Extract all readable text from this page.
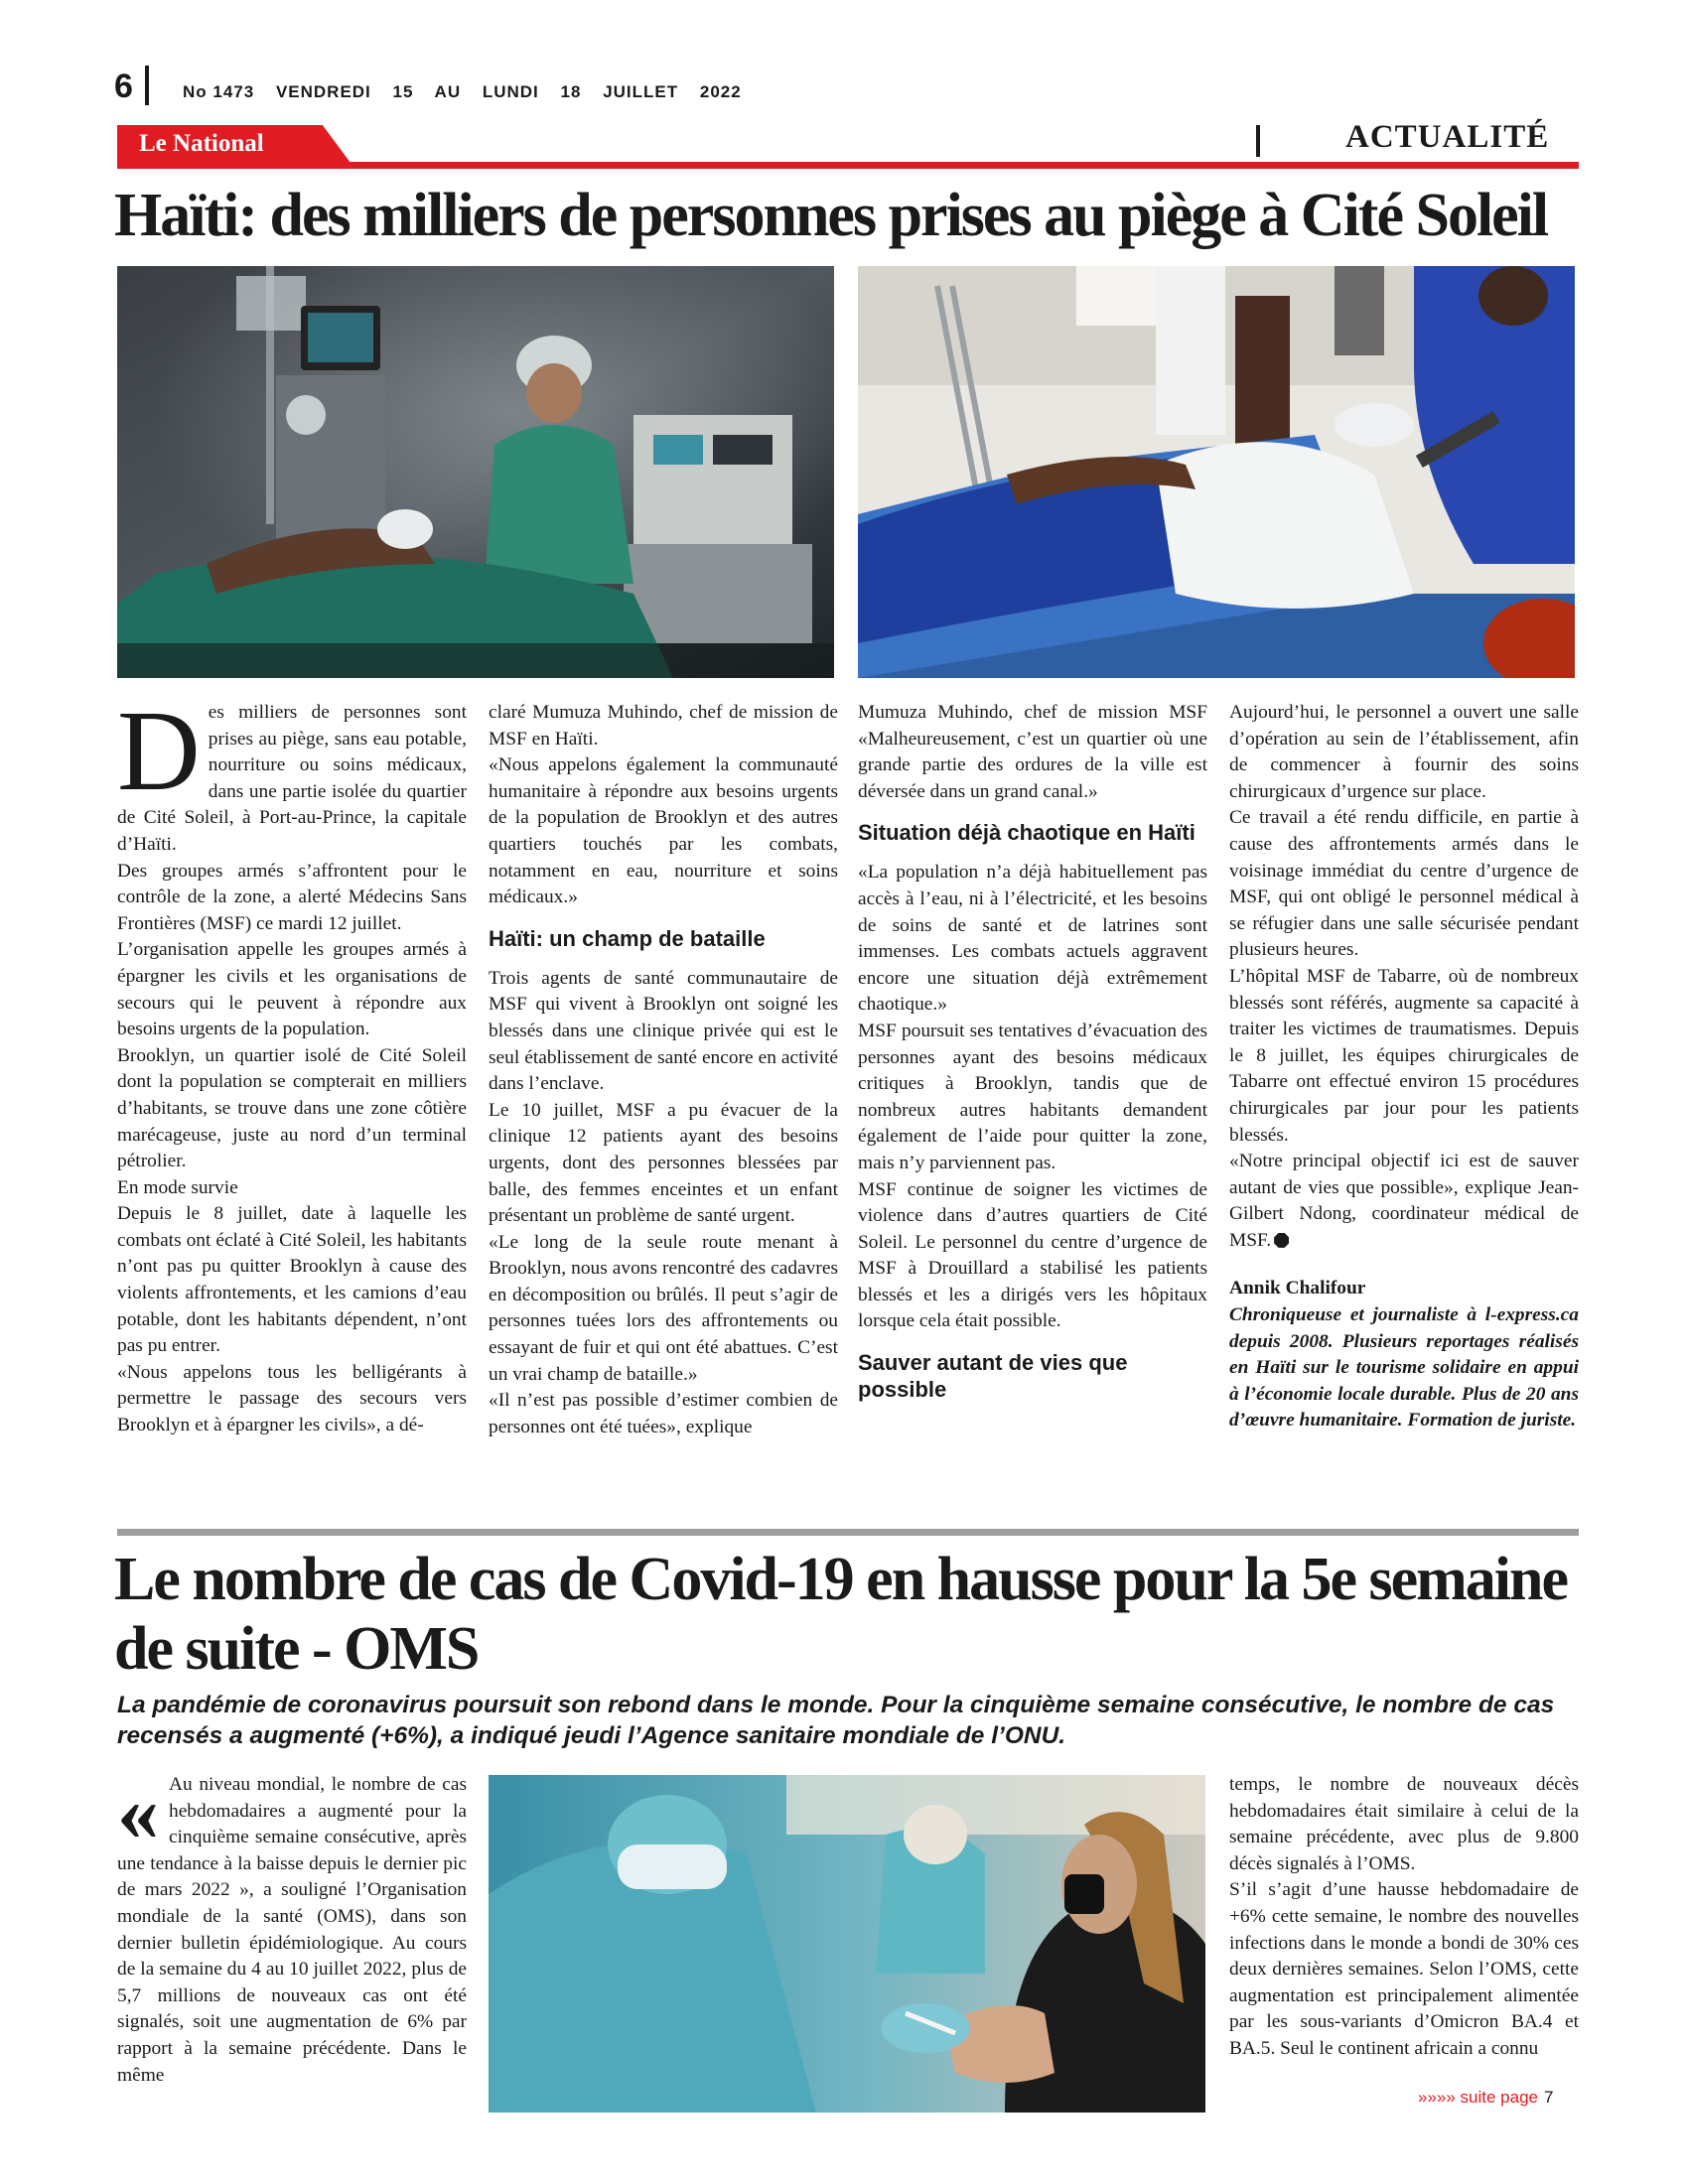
6	No 1473 VENDREDI 15 AU LUNDI 18 JUILLET 2022
Le National	ACTUALITÉ
Haïti: des milliers de personnes prises au piège à Cité Soleil

Des milliers de personnes sont prises au piège, sans eau potable, nourriture ou soins médicaux, dans une partie isolée du quartier de Cité Soleil, à Port-au-Prince, la capitale d’Haïti.

Des groupes armés s’affrontent pour le contrôle de la zone, a alerté Médecins Sans Frontières (MSF) ce mardi 12 juillet.

L’organisation appelle les groupes armés à épargner les civils et les organisations de secours qui le peuvent à répondre aux besoins urgents de la population.

Brooklyn, un quartier isolé de Cité Soleil dont la population se compterait en milliers d’habitants, se trouve dans une zone côtière marécageuse, juste au nord d’un terminal pétrolier.

En mode survie

Depuis le 8 juillet, date à laquelle les combats ont éclaté à Cité Soleil, les habitants n’ont pas pu quitter Brooklyn à cause des violents affrontements, et les camions d’eau potable, dont les habitants dépendent, n’ont pas pu entrer.

«Nous appelons tous les belligérants à permettre le passage des secours vers Brooklyn et à épargner les civils», a dé-

claré Mumuza Muhindo, chef de mission de MSF en Haïti.

«Nous appelons également la communauté humanitaire à répondre aux besoins urgents de la population de Brooklyn et des autres quartiers touchés par les combats, notamment en eau, nourriture et soins médicaux.»

Haïti: un champ de bataille

Trois agents de santé communautaire de MSF qui vivent à Brooklyn ont soigné les blessés dans une clinique privée qui est le seul établissement de santé encore en activité dans l’enclave.

Le 10 juillet, MSF a pu évacuer de la clinique 12 patients ayant des besoins urgents, dont des personnes blessées par balle, des femmes enceintes et un enfant présentant un problème de santé urgent.

«Le long de la seule route menant à Brooklyn, nous avons rencontré des cadavres en décomposition ou brûlés. Il peut s’agir de personnes tuées lors des affrontements ou essayant de fuir et qui ont été abattues. C’est un vrai champ de bataille.»

«Il n’est pas possible d’estimer combien de personnes ont été tuées», explique

Mumuza Muhindo, chef de mission MSF «Malheureusement, c’est un quartier où une grande partie des ordures de la ville est déversée dans un grand canal.»

Situation déjà chaotique en Haïti

«La population n’a déjà habituellement pas accès à l’eau, ni à l’électricité, et les besoins de soins de santé et de latrines sont immenses. Les combats actuels aggravent encore une situation déjà extrêmement chaotique.»

MSF poursuit ses tentatives d’évacuation des personnes ayant des besoins médicaux critiques à Brooklyn, tandis que de nombreux autres habitants demandent également de l’aide pour quitter la zone, mais n’y parviennent pas.

MSF continue de soigner les victimes de violence dans d’autres quartiers de Cité Soleil. Le personnel du centre d’urgence de MSF à Drouillard a stabilisé les patients blessés et les a dirigés vers les hôpitaux lorsque cela était possible.

Sauver autant de vies que possible

Aujourd’hui, le personnel a ouvert une salle d’opération au sein de l’établissement, afin de commencer à fournir des soins chirurgicaux d’urgence sur place.

Ce travail a été rendu difficile, en partie à cause des affrontements armés dans le voisinage immédiat du centre d’urgence de MSF, qui ont obligé le personnel médical à se réfugier dans une salle sécurisée pendant plusieurs heures.

L’hôpital MSF de Tabarre, où de nombreux blessés sont référés, augmente sa capacité à traiter les victimes de traumatismes. Depuis le 8 juillet, les équipes chirurgicales de Tabarre ont effectué environ 15 procédures chirurgicales par jour pour les patients blessés.

«Notre principal objectif ici est de sauver autant de vies que possible», explique Jean-Gilbert Ndong, coordinateur médical de MSF.

Annik Chalifour

Chroniqueuse et journaliste à l-express.ca depuis 2008. Plusieurs reportages réalisés en Haïti sur le tourisme solidaire en appui à l’économie locale durable. Plus de 20 ans d’œuvre humanitaire. Formation de juriste.

Le nombre de cas de Covid-19 en hausse pour la 5e semaine de suite - OMS
La pandémie de coronavirus poursuit son rebond dans le monde. Pour la cinquième semaine consécutive, le nombre de cas recensés a augmenté (+6%), a indiqué jeudi l’Agence sanitaire mondiale de l’ONU.

« Au niveau mondial, le nombre de cas hebdomadaires a augmenté pour la cinquième semaine consécutive, après une tendance à la baisse depuis le dernier pic de mars 2022 », a souligné l’Organisation mondiale de la santé (OMS), dans son dernier bulletin épidémiologique. Au cours de la semaine du 4 au 10 juillet 2022, plus de 5,7 millions de nouveaux cas ont été signalés, soit une augmentation de 6% par rapport à la semaine précédente. Dans le même

temps, le nombre de nouveaux décès hebdomadaires était similaire à celui de la semaine précédente, avec plus de 9.800 décès signalés à l’OMS.

S’il s’agit d’une hausse hebdomadaire de +6% cette semaine, le nombre des nouvelles infections dans le monde a bondi de 30% ces deux dernières semaines. Selon l’OMS, cette augmentation est principalement alimentée par les sous-variants d’Omicron BA.4 et BA.5. Seul le continent africain a connu

»»»» suite page 7
